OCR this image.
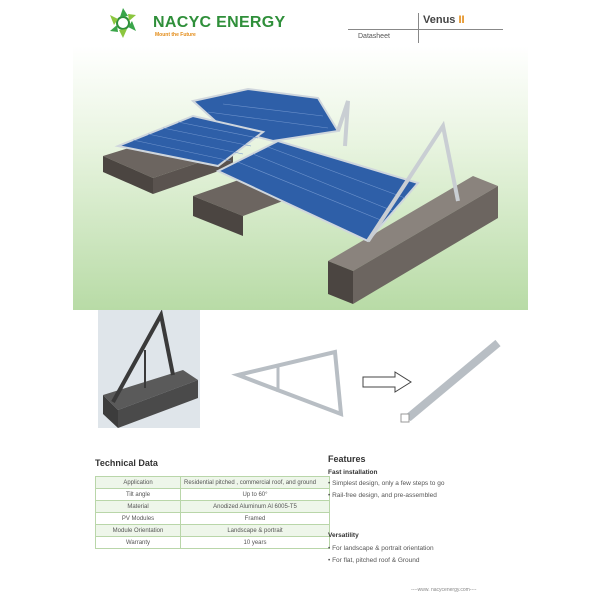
NACYC ENERGY
Mount the Future
Venus II
Datasheet
Technical Data
Application	Residential pitched , commercial roof, and ground
Tilt angle	Up to 60°
Material	Anodized Aluminum Al 6005-T5
PV Modules	Framed
Module Orientation	Landscape & portrait
Warranty	10 years
Features
Fast installation
• Simplest design, only a few steps to go
• Rail-free design, and pre-assembled
Versatility
• For landscape & portrait orientation
• For flat, pitched roof & Ground
----www. nacycenergy.com----
